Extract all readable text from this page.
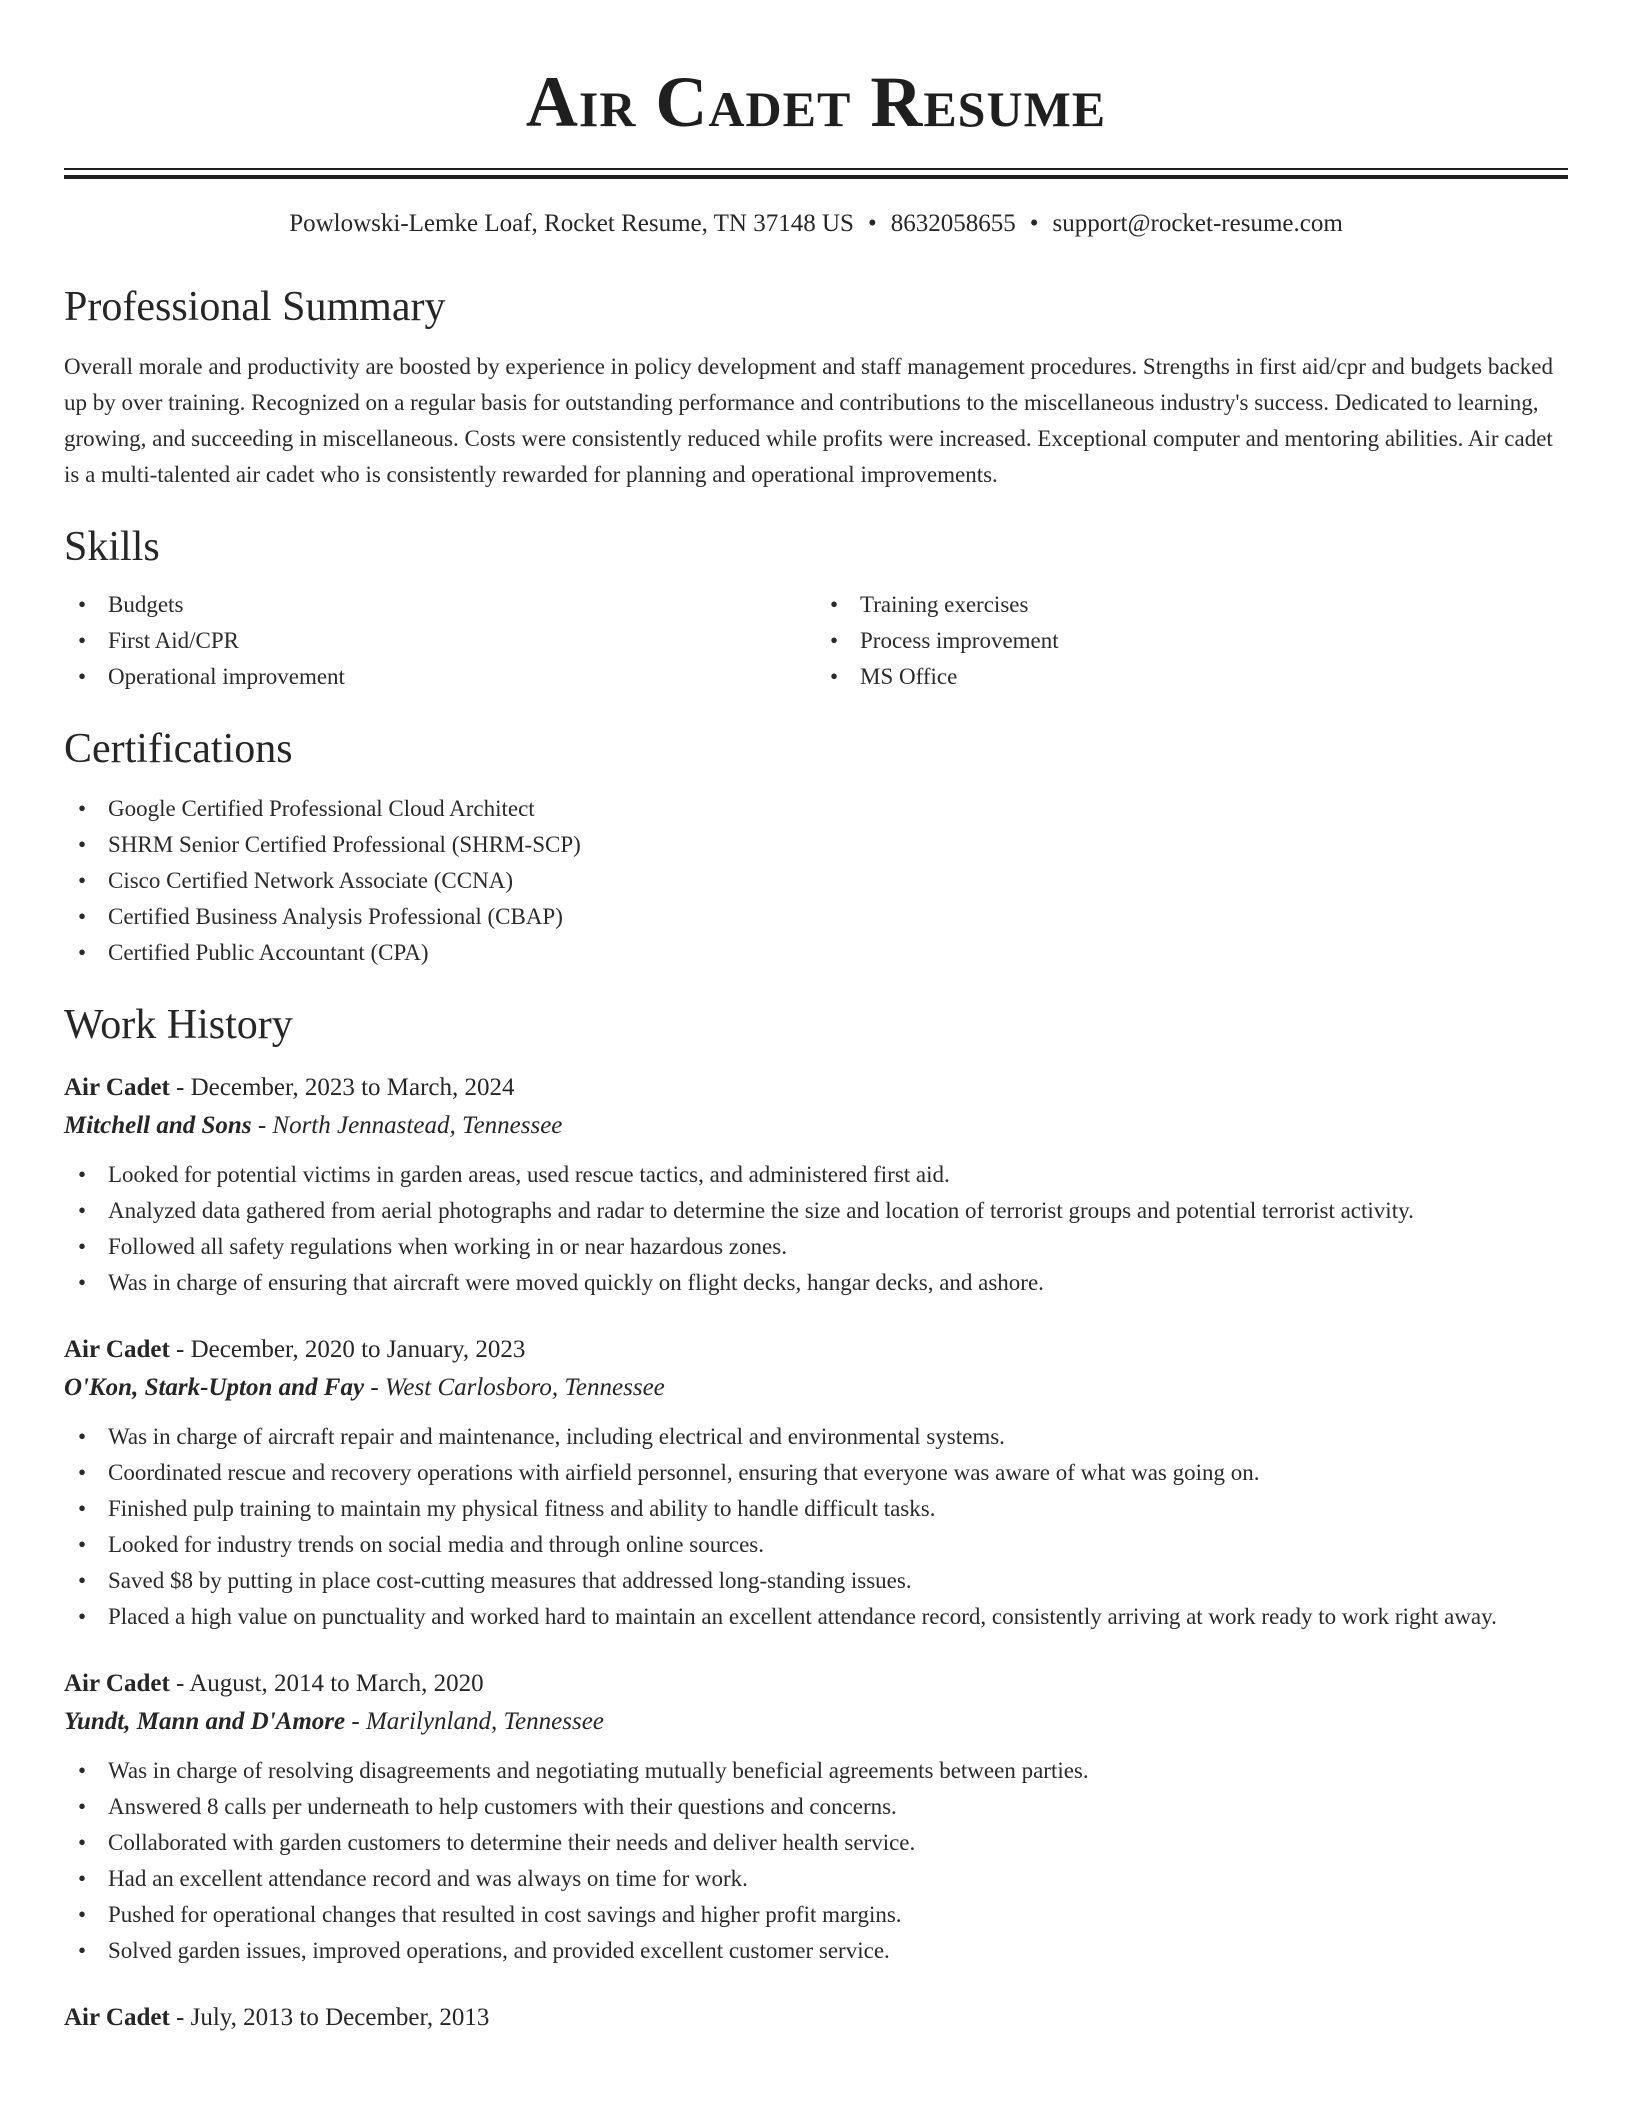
Air Cadet Resume
Powlowski-Lemke Loaf, Rocket Resume, TN 37148 US • 8632058655 • support@rocket-resume.com
Professional Summary

Overall morale and productivity are boosted by experience in policy development and staff management procedures. Strengths in first aid/cpr and budgets backed up by over training. Recognized on a regular basis for outstanding performance and contributions to the miscellaneous industry's success. Dedicated to learning, growing, and succeeding in miscellaneous. Costs were consistently reduced while profits were increased. Exceptional computer and mentoring abilities. Air cadet is a multi-talented air cadet who is consistently rewarded for planning and operational improvements.

Skills
• Budgets
• First Aid/CPR
• Operational improvement
• Training exercises
• Process improvement
• MS Office
Certifications
• Google Certified Professional Cloud Architect
• SHRM Senior Certified Professional (SHRM-SCP)
• Cisco Certified Network Associate (CCNA)
• Certified Business Analysis Professional (CBAP)
• Certified Public Accountant (CPA)
Work History
Air Cadet - December, 2023 to March, 2024
Mitchell and Sons - North Jennastead, Tennessee
• Looked for potential victims in garden areas, used rescue tactics, and administered first aid.
• Analyzed data gathered from aerial photographs and radar to determine the size and location of terrorist groups and potential terrorist activity.
• Followed all safety regulations when working in or near hazardous zones.
• Was in charge of ensuring that aircraft were moved quickly on flight decks, hangar decks, and ashore.
Air Cadet - December, 2020 to January, 2023
O'Kon, Stark-Upton and Fay - West Carlosboro, Tennessee
• Was in charge of aircraft repair and maintenance, including electrical and environmental systems.
• Coordinated rescue and recovery operations with airfield personnel, ensuring that everyone was aware of what was going on.
• Finished pulp training to maintain my physical fitness and ability to handle difficult tasks.
• Looked for industry trends on social media and through online sources.
• Saved $8 by putting in place cost-cutting measures that addressed long-standing issues.
• Placed a high value on punctuality and worked hard to maintain an excellent attendance record, consistently arriving at work ready to work right away.
Air Cadet - August, 2014 to March, 2020
Yundt, Mann and D'Amore - Marilynland, Tennessee
• Was in charge of resolving disagreements and negotiating mutually beneficial agreements between parties.
• Answered 8 calls per underneath to help customers with their questions and concerns.
• Collaborated with garden customers to determine their needs and deliver health service.
• Had an excellent attendance record and was always on time for work.
• Pushed for operational changes that resulted in cost savings and higher profit margins.
• Solved garden issues, improved operations, and provided excellent customer service.
Air Cadet - July, 2013 to December, 2013
